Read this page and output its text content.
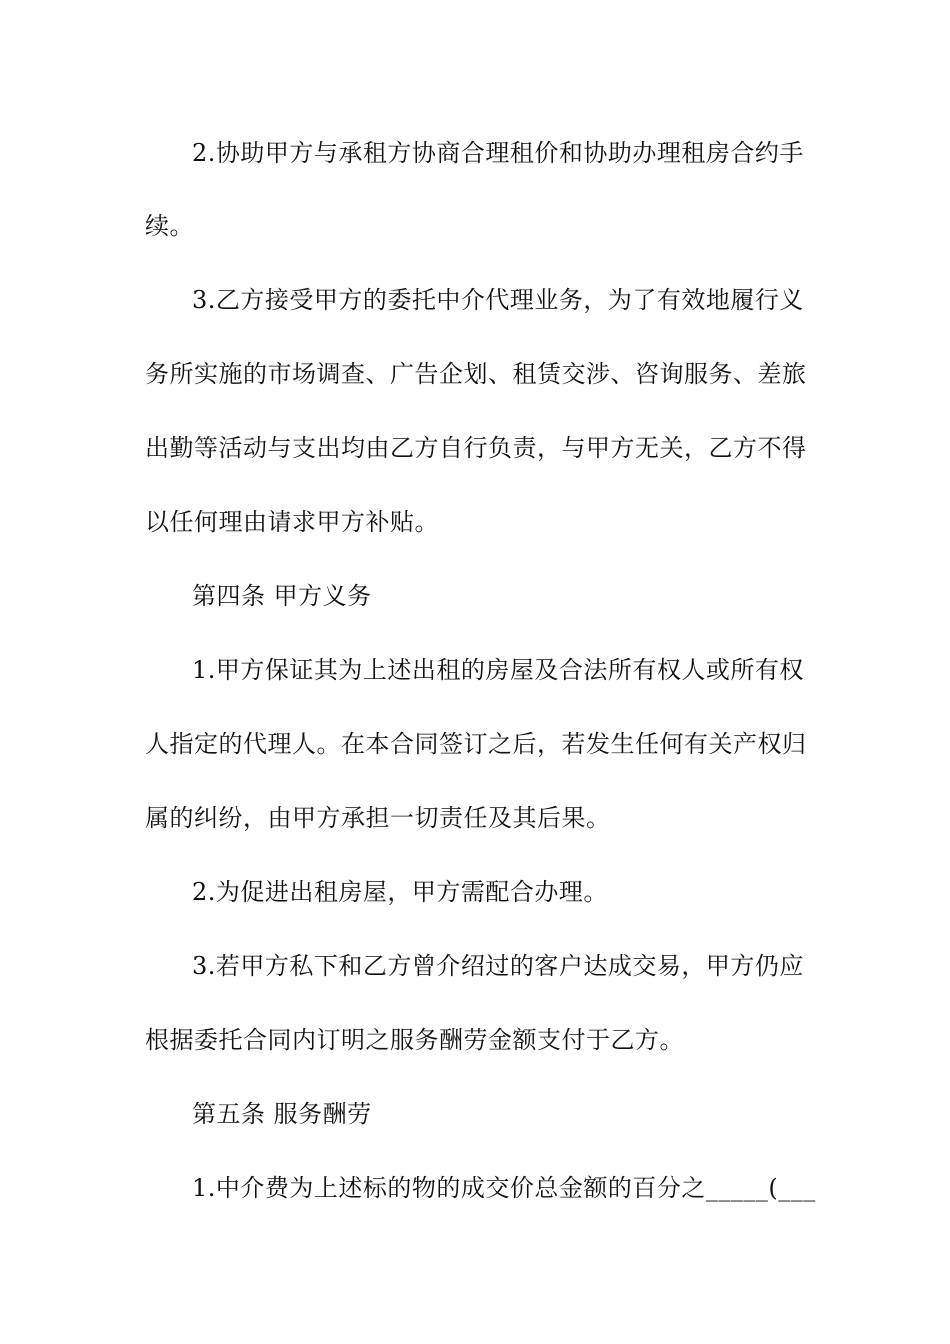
2.协助甲方与承租方协商合理租价和协助办理租房合约手
续。
3.乙方接受甲方的委托中介代理业务，为了有效地履行义
务所实施的市场调查、广告企划、租赁交涉、咨询服务、差旅
出勤等活动与支出均由乙方自行负责，与甲方无关，乙方不得
以任何理由请求甲方补贴。
第四条 甲方义务
1.甲方保证其为上述出租的房屋及合法所有权人或所有权
人指定的代理人。在本合同签订之后，若发生任何有关产权归
属的纠纷，由甲方承担一切责任及其后果。
2.为促进出租房屋，甲方需配合办理。
3.若甲方私下和乙方曾介绍过的客户达成交易，甲方仍应
根据委托合同内订明之服务酬劳金额支付于乙方。
第五条 服务酬劳
1.中介费为上述标的物的成交价总金额的百分之_____(___
